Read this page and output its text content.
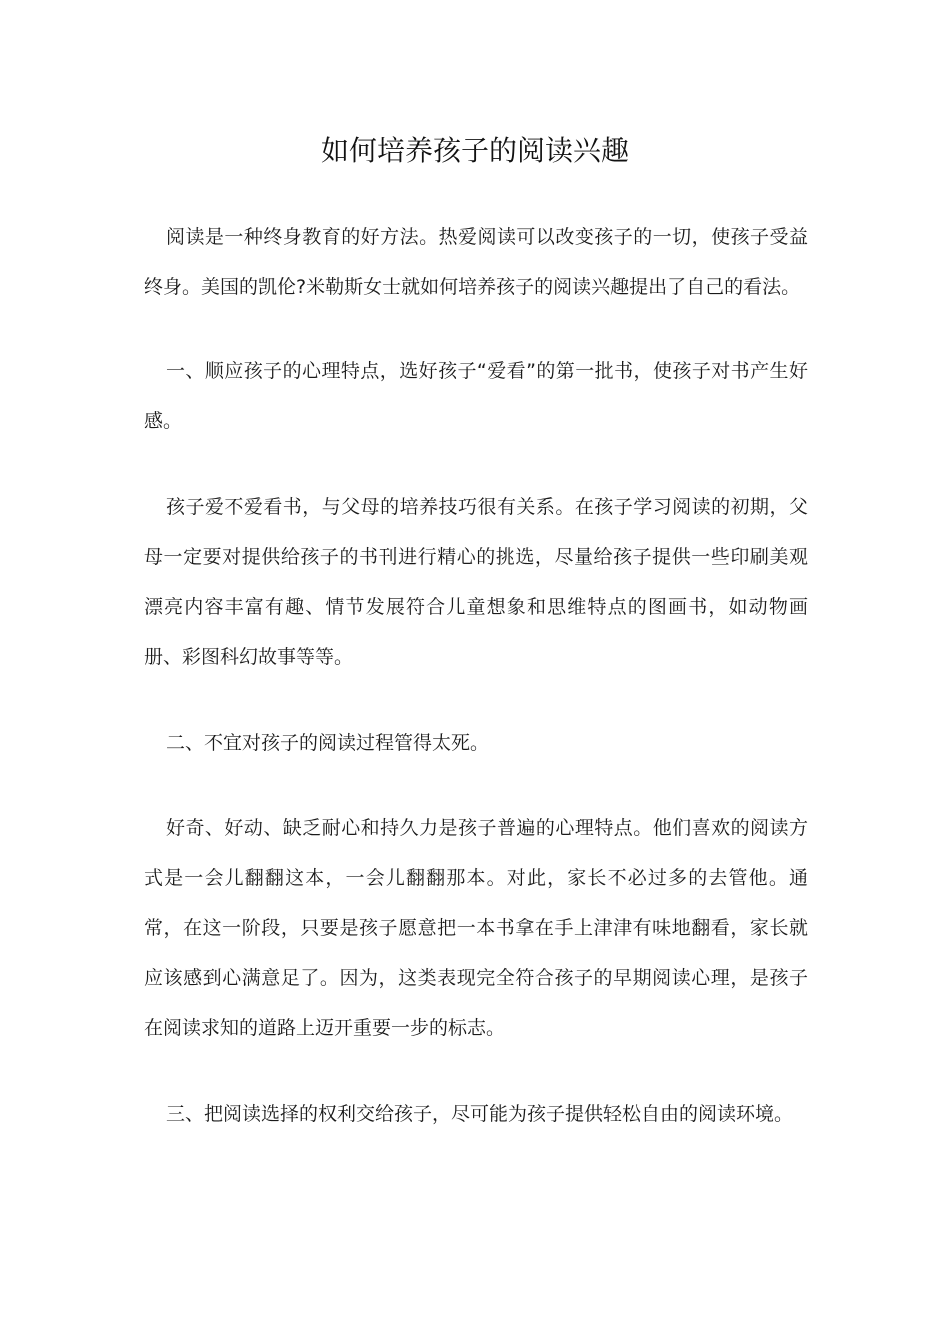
如何培养孩子的阅读兴趣

阅读是一种终身教育的好方法。热爱阅读可以改变孩子的一切，使孩子受益终身。美国的凯伦?米勒斯女士就如何培养孩子的阅读兴趣提出了自己的看法。

一、顺应孩子的心理特点，选好孩子“爱看”的第一批书，使孩子对书产生好感。

孩子爱不爱看书，与父母的培养技巧很有关系。在孩子学习阅读的初期，父母一定要对提供给孩子的书刊进行精心的挑选，尽量给孩子提供一些印刷美观漂亮内容丰富有趣、情节发展符合儿童想象和思维特点的图画书，如动物画册、彩图科幻故事等等。

二、不宜对孩子的阅读过程管得太死。

好奇、好动、缺乏耐心和持久力是孩子普遍的心理特点。他们喜欢的阅读方式是一会儿翻翻这本，一会儿翻翻那本。对此，家长不必过多的去管他。通常，在这一阶段，只要是孩子愿意把一本书拿在手上津津有味地翻看，家长就应该感到心满意足了。因为，这类表现完全符合孩子的早期阅读心理，是孩子在阅读求知的道路上迈开重要一步的标志。

三、把阅读选择的权利交给孩子，尽可能为孩子提供轻松自由的阅读环境。
